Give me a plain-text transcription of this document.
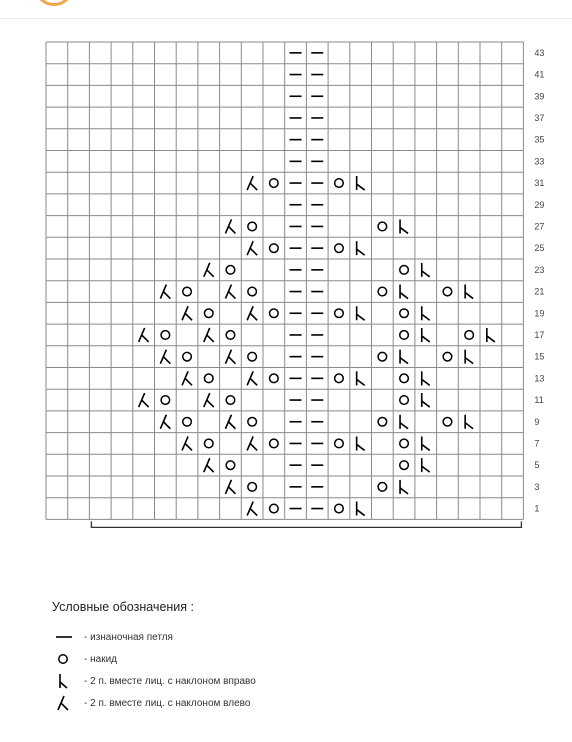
43
41
39
37
35
33
31
29
27
25
23
21
19
17
15
13
11
9
7
5
3
1
Условные обозначения :
- изнаночная петля
- накид
- 2 п. вместе лиц. с наклоном вправо
- 2 п. вместе лиц. с наклоном влево
